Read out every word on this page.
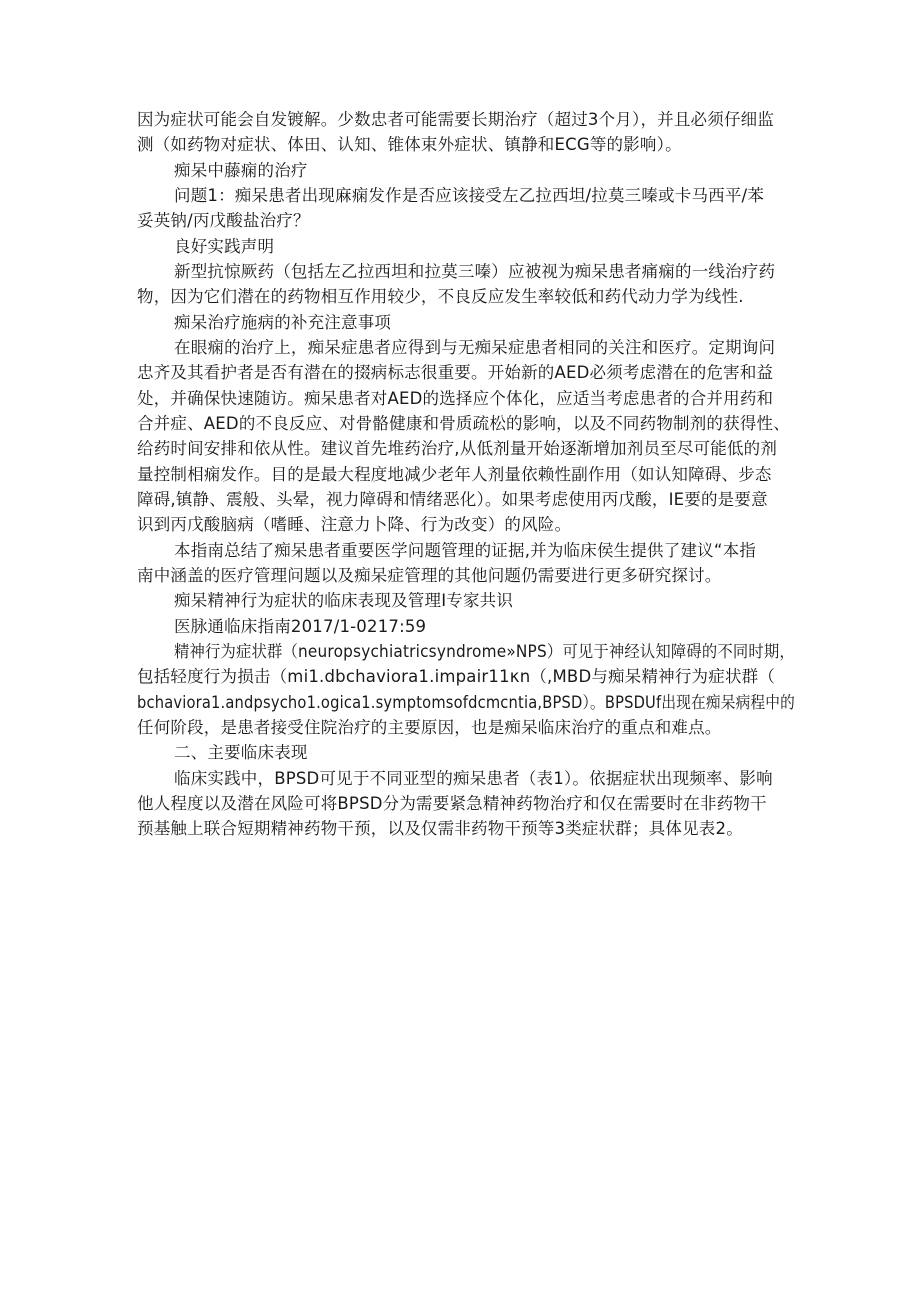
因为症状可能会自发镀解。少数忠者可能需要长期治疗（超过3个月），并且必须仔细监
测（如药物对症状、体田、认知、锥体束外症状、镇静和ECG等的影响）。
痴呆中藤痫的治疗
问题1：痴呆患者出现麻痫发作是否应该接受左乙拉西坦/拉莫三嗪或卡马西平/苯
妥英钠/丙戊酸盐治疗？
良好实践声明
新型抗惊厥药（包括左乙拉西坦和拉莫三嗪）应被视为痴呆患者痛痫的一线治疗药
物，因为它们潜在的药物相互作用较少，不良反应发生率较低和药代动力学为线性.
痴呆治疗施病的补充注意事项
在眼痫的治疗上，痴呆症患者应得到与无痴呆症患者相同的关注和医疗。定期询问
忠齐及其看护者是否有潜在的掇病标志很重要。开始新的AED必须考虑潜在的危害和益
处，并确保快速随访。痴呆患者对AED的选择应个体化，应适当考虑患者的合并用药和
合并症、AED的不良反应、对骨骼健康和骨质疏松的影响，以及不同药物制剂的获得性、
给药时间安排和依从性。建议首先堆药治疗,从低剂量开始逐渐增加剂员至尽可能低的剂
量控制相痫发作。目的是最大程度地减少老年人剂量依赖性副作用（如认知障碍、步态
障碍,镇静、震般、头晕，视力障碍和情绪恶化）。如果考虑使用丙戊酸，IE要的是要意
识到丙戊酸脑病（嗜睡、注意力卜降、行为改变）的风险。
本指南总结了痴呆患者重要医学问题管理的证据,并为临床侯生提供了建议“本指
南中涵盖的医疗管理问题以及痴呆症管理的其他问题仍需要进行更多研究探讨。
痴呆精神行为症状的临床表现及管理I专家共识
医脉通临床指南2017/1-0217:59
精神行为症状群（neuropsychiatricsyndrome»NPS）可见于神经认知障碍的不同时期，
包括轻度行为损击（mi1.dbchaviora1.impair11κn（,MBD与痴呆精神行为症状群（
bchaviora1.andpsycho1.ogica1.symptomsofdcmcntia,BPSD）。BPSDUf出现在痴呆病程中的
任何阶段，是患者接受住院治疗的主要原因，也是痴呆临床治疗的重点和难点。
二、主要临床表现
临床实践中，BPSD可见于不同亚型的痴呆患者（表1）。依据症状出现频率、影响
他人程度以及潜在风险可将BPSD分为需要紧急精神药物治疗和仅在需要时在非药物干
预基触上联合短期精神药物干预，以及仅需非药物干预等3类症状群；具体见表2。
